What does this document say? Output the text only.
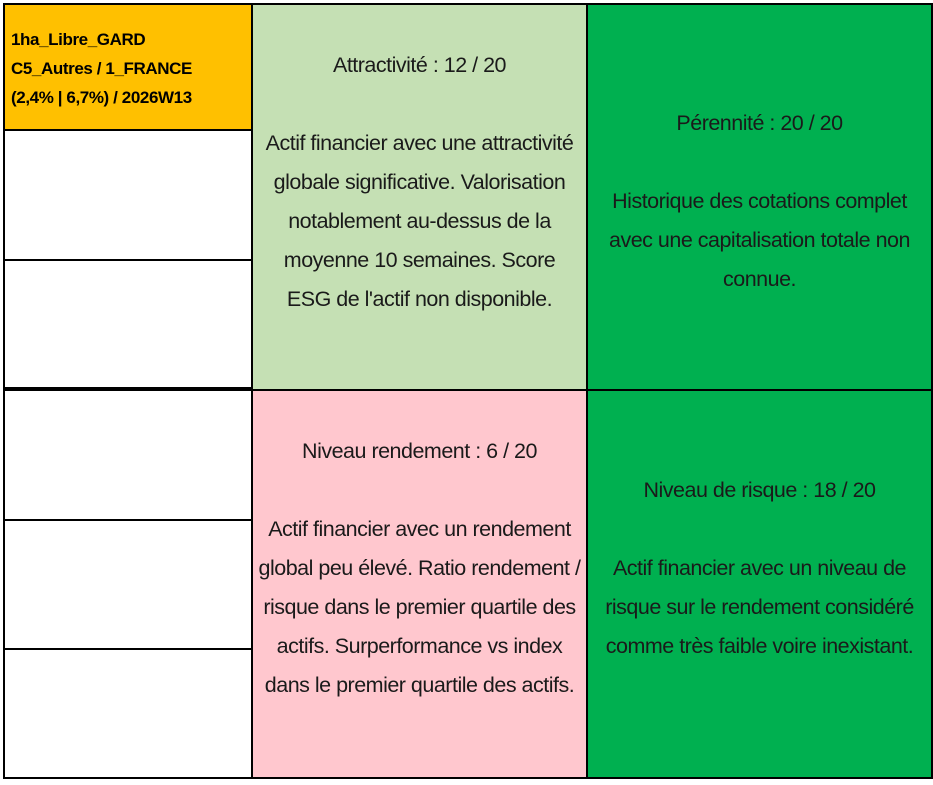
1ha_Libre_GARD
C5_Autres / 1_FRANCE
(2,4% | 6,7%) / 2026W13
Attractivité : 12 / 20
Actif financier avec une attractivité globale significative. Valorisation notablement au-dessus de la moyenne 10 semaines. Score ESG de l'actif non disponible.
Pérennité : 20 / 20
Historique des cotations complet avec une capitalisation totale non connue.
Niveau rendement : 6 / 20
Actif financier avec un rendement global peu élevé. Ratio rendement / risque dans le premier quartile des actifs. Surperformance vs index dans le premier quartile des actifs.
Niveau de risque : 18 / 20
Actif financier avec un niveau de risque sur le rendement considéré comme très faible voire inexistant.
